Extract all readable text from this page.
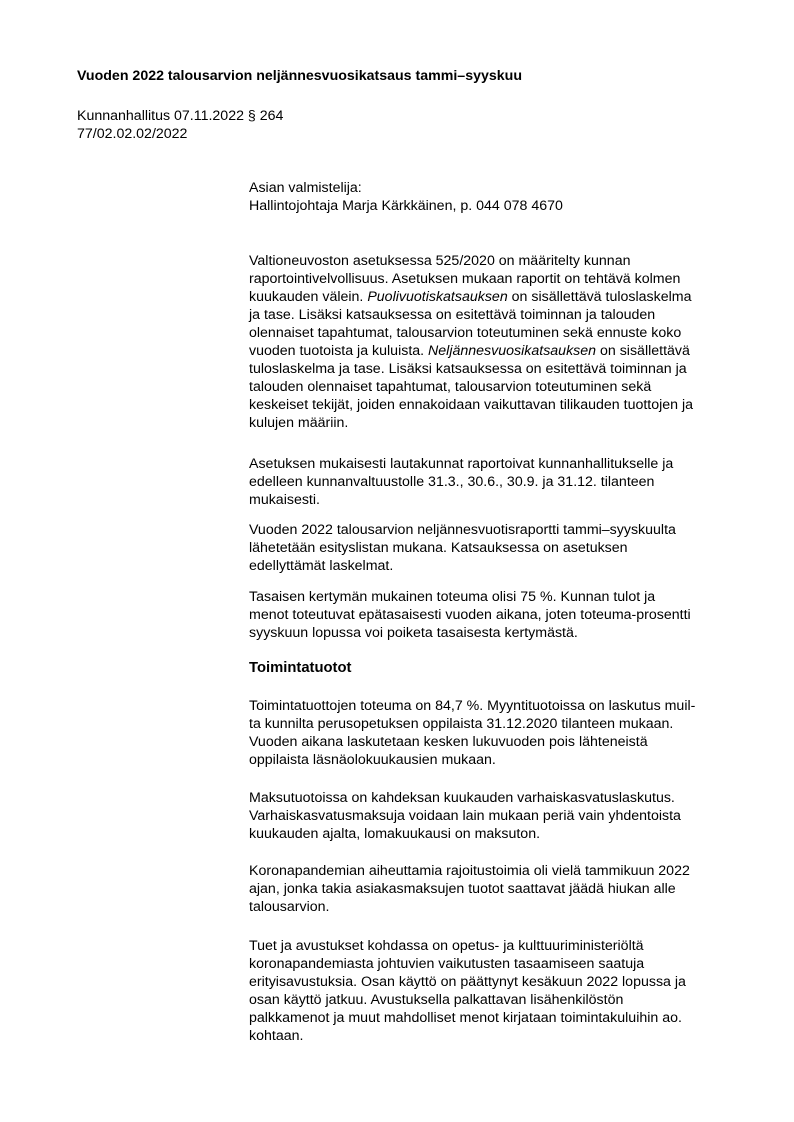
Vuoden 2022 talousarvion neljännesvuosikatsaus tammi–syyskuu
Kunnanhallitus 07.11.2022 § 264
77/02.02.02/2022

Asian valmistelija:

Hallintojohtaja Marja Kärkkäinen, p. 044 078 4670

Valtioneuvoston asetuksessa 525/2020 on määritelty kunnan
raportointivelvollisuus. Asetuksen mukaan raportit on tehtävä kolmen
kuukauden välein. Puolivuotiskatsauksen on sisällettävä tuloslaskelma
ja tase. Lisäksi katsauksessa on esitettävä toiminnan ja talouden
olennaiset tapahtumat, talousarvion toteutuminen sekä ennuste koko
vuoden tuotoista ja kuluista. Neljännesvuosikatsauksen on sisällettävä
tuloslaskelma ja tase. Lisäksi katsauksessa on esitettävä toiminnan ja
talouden olennaiset tapahtumat, talousarvion toteutuminen sekä
keskeiset tekijät, joiden ennakoidaan vaikuttavan tilikauden tuottojen ja
kulujen määriin.

Asetuksen mukaisesti lautakunnat raportoivat kunnanhallitukselle ja
edelleen kunnanvaltuustolle 31.3., 30.6., 30.9. ja 31.12. tilanteen
mukaisesti.

Vuoden 2022 talousarvion neljännesvuotisraportti tammi–syyskuulta
lähetetään esityslistan mukana. Katsauksessa on asetuksen
edellyttämät laskelmat.

Tasaisen kertymän mukainen toteuma olisi 75 %. Kunnan tulot ja
menot toteutuvat epätasaisesti vuoden aikana, joten toteuma-prosentti
syyskuun lopussa voi poiketa tasaisesta kertymästä.

Toimintatuotot

Toimintatuottojen toteuma on 84,7 %. Myyntituotoissa on laskutus muil-
ta kunnilta perusopetuksen oppilaista 31.12.2020 tilanteen mukaan.
Vuoden aikana laskutetaan kesken lukuvuoden pois lähteneistä
oppilaista läsnäolokuukausien mukaan.

Maksutuotoissa on kahdeksan kuukauden varhaiskasvatuslaskutus.
Varhaiskasvatusmaksuja voidaan lain mukaan periä vain yhdentoista
kuukauden ajalta, lomakuukausi on maksuton.

Koronapandemian aiheuttamia rajoitustoimia oli vielä tammikuun 2022
ajan, jonka takia asiakasmaksujen tuotot saattavat jäädä hiukan alle
talousarvion.

Tuet ja avustukset kohdassa on opetus- ja kulttuuriministeriöltä
koronapandemiasta johtuvien vaikutusten tasaamiseen saatuja
erityisavustuksia. Osan käyttö on päättynyt kesäkuun 2022 lopussa ja
osan käyttö jatkuu. Avustuksella palkattavan lisähenkilöstön
palkkamenot ja muut mahdolliset menot kirjataan toimintakuluihin ao.
kohtaan.
